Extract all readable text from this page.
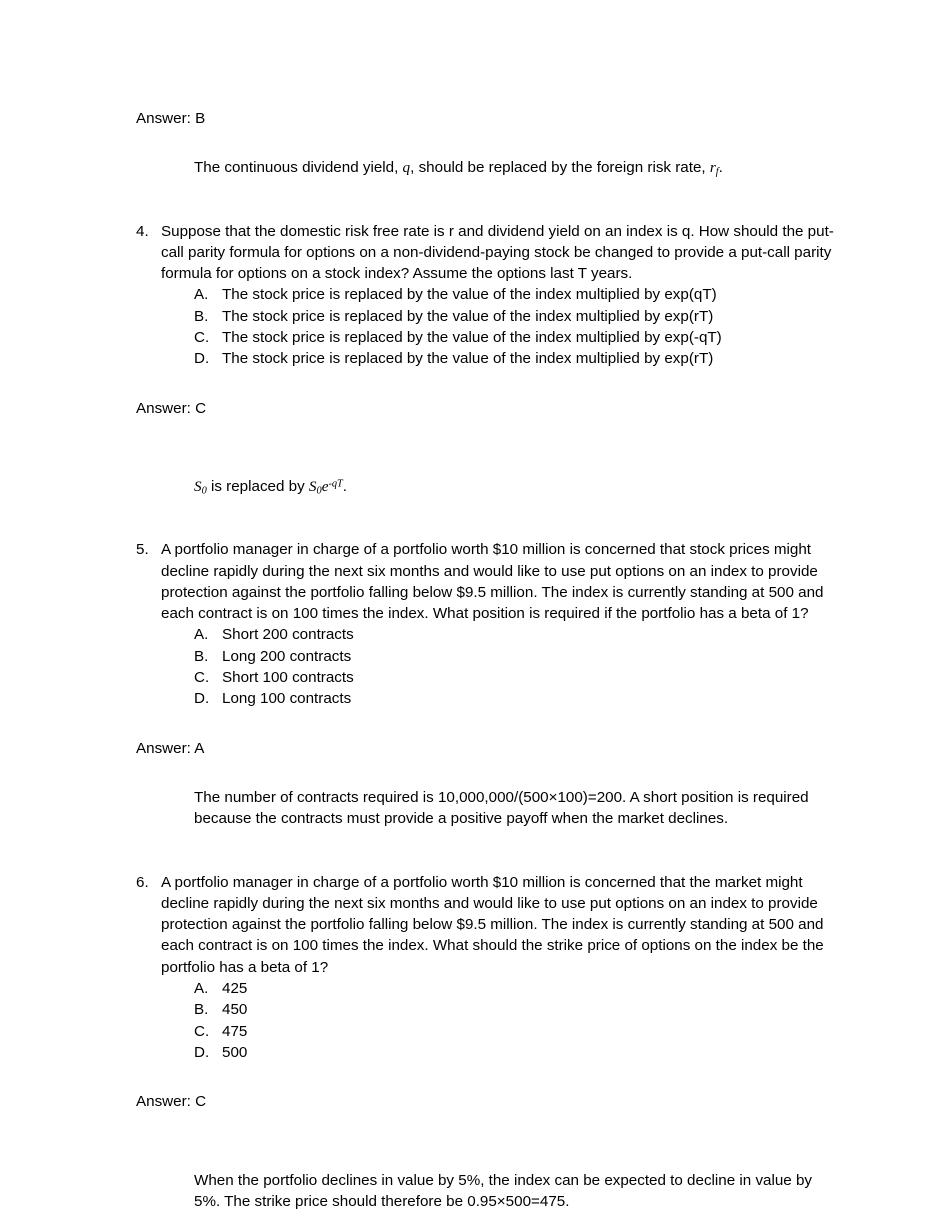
Answer: B
The continuous dividend yield, q, should be replaced by the foreign risk rate, $r_f$.
4. Suppose that the domestic risk free rate is r and dividend yield on an index is q. How should the put-call parity formula for options on a non-dividend-paying stock be changed to provide a put-call parity formula for options on a stock index? Assume the options last T years.
A. The stock price is replaced by the value of the index multiplied by exp(qT)
B. The stock price is replaced by the value of the index multiplied by exp(rT)
C. The stock price is replaced by the value of the index multiplied by exp(-qT)
D. The stock price is replaced by the value of the index multiplied by exp(rT)
Answer: C
$S_0$ is replaced by $S_0e^{-qT}$.
5. A portfolio manager in charge of a portfolio worth $10 million is concerned that stock prices might decline rapidly during the next six months and would like to use put options on an index to provide protection against the portfolio falling below $9.5 million. The index is currently standing at 500 and each contract is on 100 times the index. What position is required if the portfolio has a beta of 1?
A. Short 200 contracts
B. Long 200 contracts
C. Short 100 contracts
D. Long 100 contracts
Answer: A
The number of contracts required is 10,000,000/(500×100)=200. A short position is required because the contracts must provide a positive payoff when the market declines.
6. A portfolio manager in charge of a portfolio worth $10 million is concerned that the market might decline rapidly during the next six months and would like to use put options on an index to provide protection against the portfolio falling below $9.5 million. The index is currently standing at 500 and each contract is on 100 times the index. What should the strike price of options on the index be the portfolio has a beta of 1?
A. 425
B. 450
C. 475
D. 500
Answer: C
When the portfolio declines in value by 5%, the index can be expected to decline in value by 5%. The strike price should therefore be 0.95×500=475.
